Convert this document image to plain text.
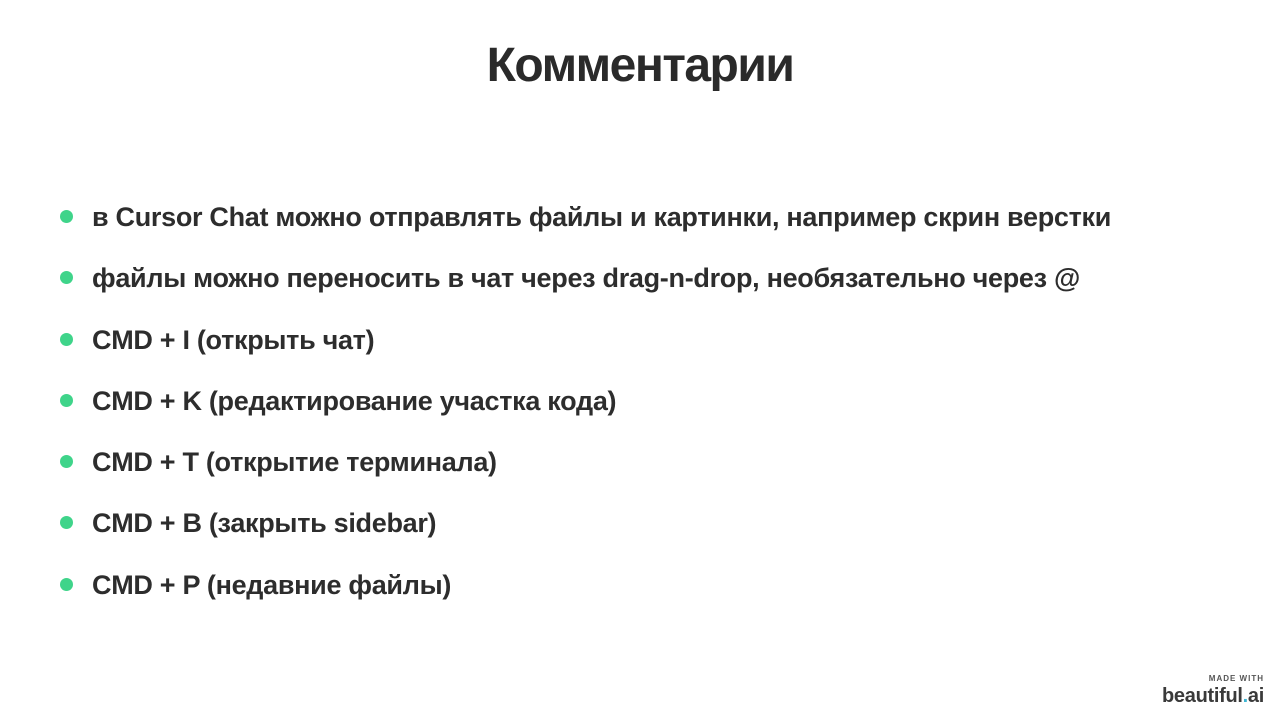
Комментарии
в Cursor Chat можно отправлять файлы и картинки, например скрин верстки
файлы можно переносить в чат через drag-n-drop, необязательно через @
CMD + I (открыть чат)
CMD + K (редактирование участка кода)
CMD + T (открытие терминала)
CMD + B (закрыть sidebar)
CMD + P (недавние файлы)
MADE WITH
beautiful.ai
